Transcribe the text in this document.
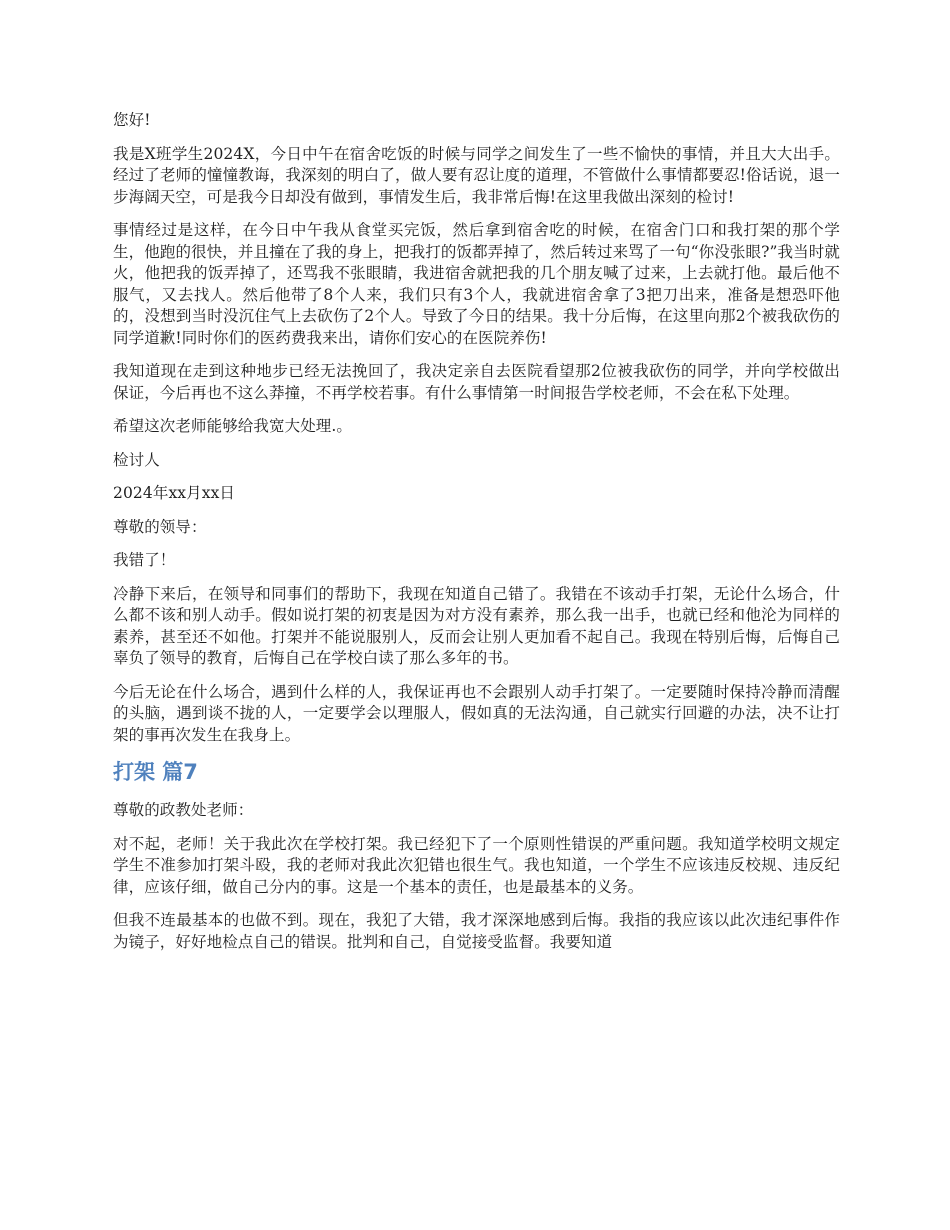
您好!

我是X班学生2024X，今日中午在宿舍吃饭的时候与同学之间发生了一些不愉快的事情，并且大大出手。经过了老师的憧憧教诲，我深刻的明白了，做人要有忍让度的道理，不管做什么事情都要忍!俗话说，退一步海阔天空，可是我今日却没有做到，事情发生后，我非常后悔!在这里我做出深刻的检讨!

事情经过是这样，在今日中午我从食堂买完饭，然后拿到宿舍吃的时候，在宿舍门口和我打架的那个学生，他跑的很快，并且撞在了我的身上，把我打的饭都弄掉了，然后转过来骂了一句“你没张眼?”我当时就火，他把我的饭弄掉了，还骂我不张眼睛，我进宿舍就把我的几个朋友喊了过来，上去就打他。最后他不服气，又去找人。然后他带了8个人来，我们只有3个人，我就进宿舍拿了3把刀出来，准备是想恐吓他的，没想到当时没沉住气上去砍伤了2个人。导致了今日的结果。我十分后悔，在这里向那2个被我砍伤的同学道歉!同时你们的医药费我来出，请你们安心的在医院养伤!

我知道现在走到这种地步已经无法挽回了，我决定亲自去医院看望那2位被我砍伤的同学，并向学校做出保证，今后再也不这么莽撞，不再学校若事。有什么事情第一时间报告学校老师，不会在私下处理。

希望这次老师能够给我宽大处理.。

检讨人

2024年xx月xx日

尊敬的领导：

我错了！

冷静下来后，在领导和同事们的帮助下，我现在知道自己错了。我错在不该动手打架，无论什么场合，什么都不该和别人动手。假如说打架的初衷是因为对方没有素养，那么我一出手，也就已经和他沦为同样的素养，甚至还不如他。打架并不能说服别人，反而会让别人更加看不起自己。我现在特别后悔，后悔自己辜负了领导的教育，后悔自己在学校白读了那么多年的书。

今后无论在什么场合，遇到什么样的人，我保证再也不会跟别人动手打架了。一定要随时保持冷静而清醒的头脑，遇到谈不拢的人，一定要学会以理服人，假如真的无法沟通，自己就实行回避的办法，决不让打架的事再次发生在我身上。

打架 篇7

尊敬的政教处老师：

对不起，老师！关于我此次在学校打架。我已经犯下了一个原则性错误的严重问题。我知道学校明文规定学生不准参加打架斗殴，我的老师对我此次犯错也很生气。我也知道，一个学生不应该违反校规、违反纪律，应该仔细，做自己分内的事。这是一个基本的责任，也是最基本的义务。

但我不连最基本的也做不到。现在，我犯了大错，我才深深地感到后悔。我指的我应该以此次违纪事件作为镜子，好好地检点自己的错误。批判和自己，自觉接受监督。我要知道
